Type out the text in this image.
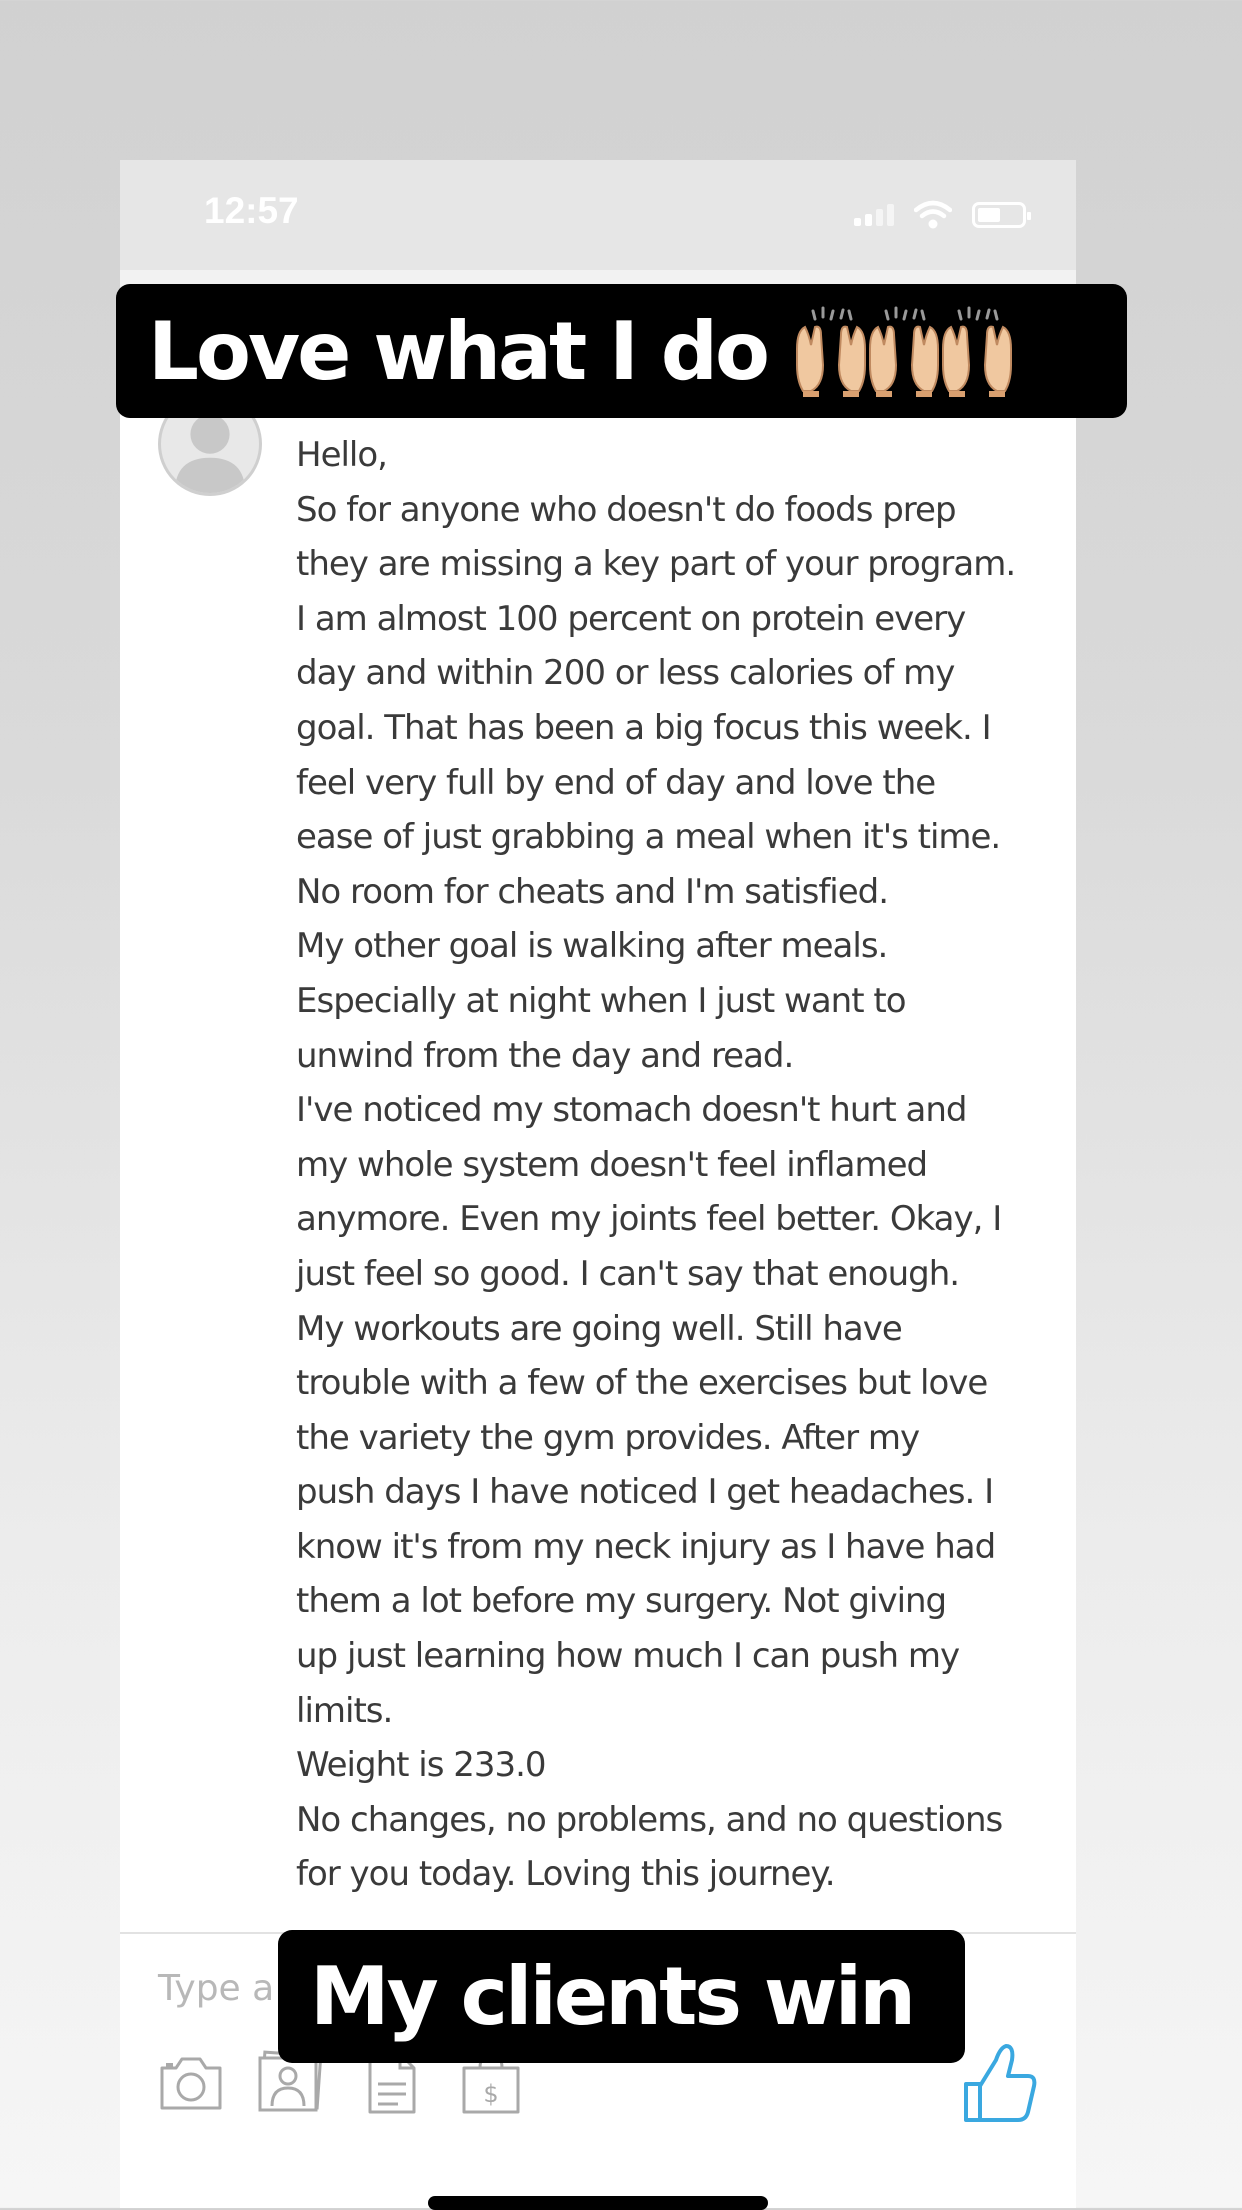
12:57

Hello,

So for anyone who doesn't do foods prep

they are missing a key part of your program.

I am almost 100 percent on protein every

day and within 200 or less calories of my

goal. That has been a big focus this week. I

feel very full by end of day and love the

ease of just grabbing a meal when it's time.

No room for cheats and I'm satisfied.

My other goal is walking after meals.

Especially at night when I just want to

unwind from the day and read.

I've noticed my stomach doesn't hurt and

my whole system doesn't feel inflamed

anymore. Even my joints feel better. Okay, I

just feel so good. I can't say that enough.

My workouts are going well. Still have

trouble with a few of the exercises but love

the variety the gym provides. After my

push days I have noticed I get headaches. I

know it's from my neck injury as I have had

them a lot before my surgery. Not giving

up just learning how much I can push my

limits.

Weight is 233.0

No changes, no problems, and no questions

for you today. Loving this journey.

Type a
$
Love what I do
My clients win
